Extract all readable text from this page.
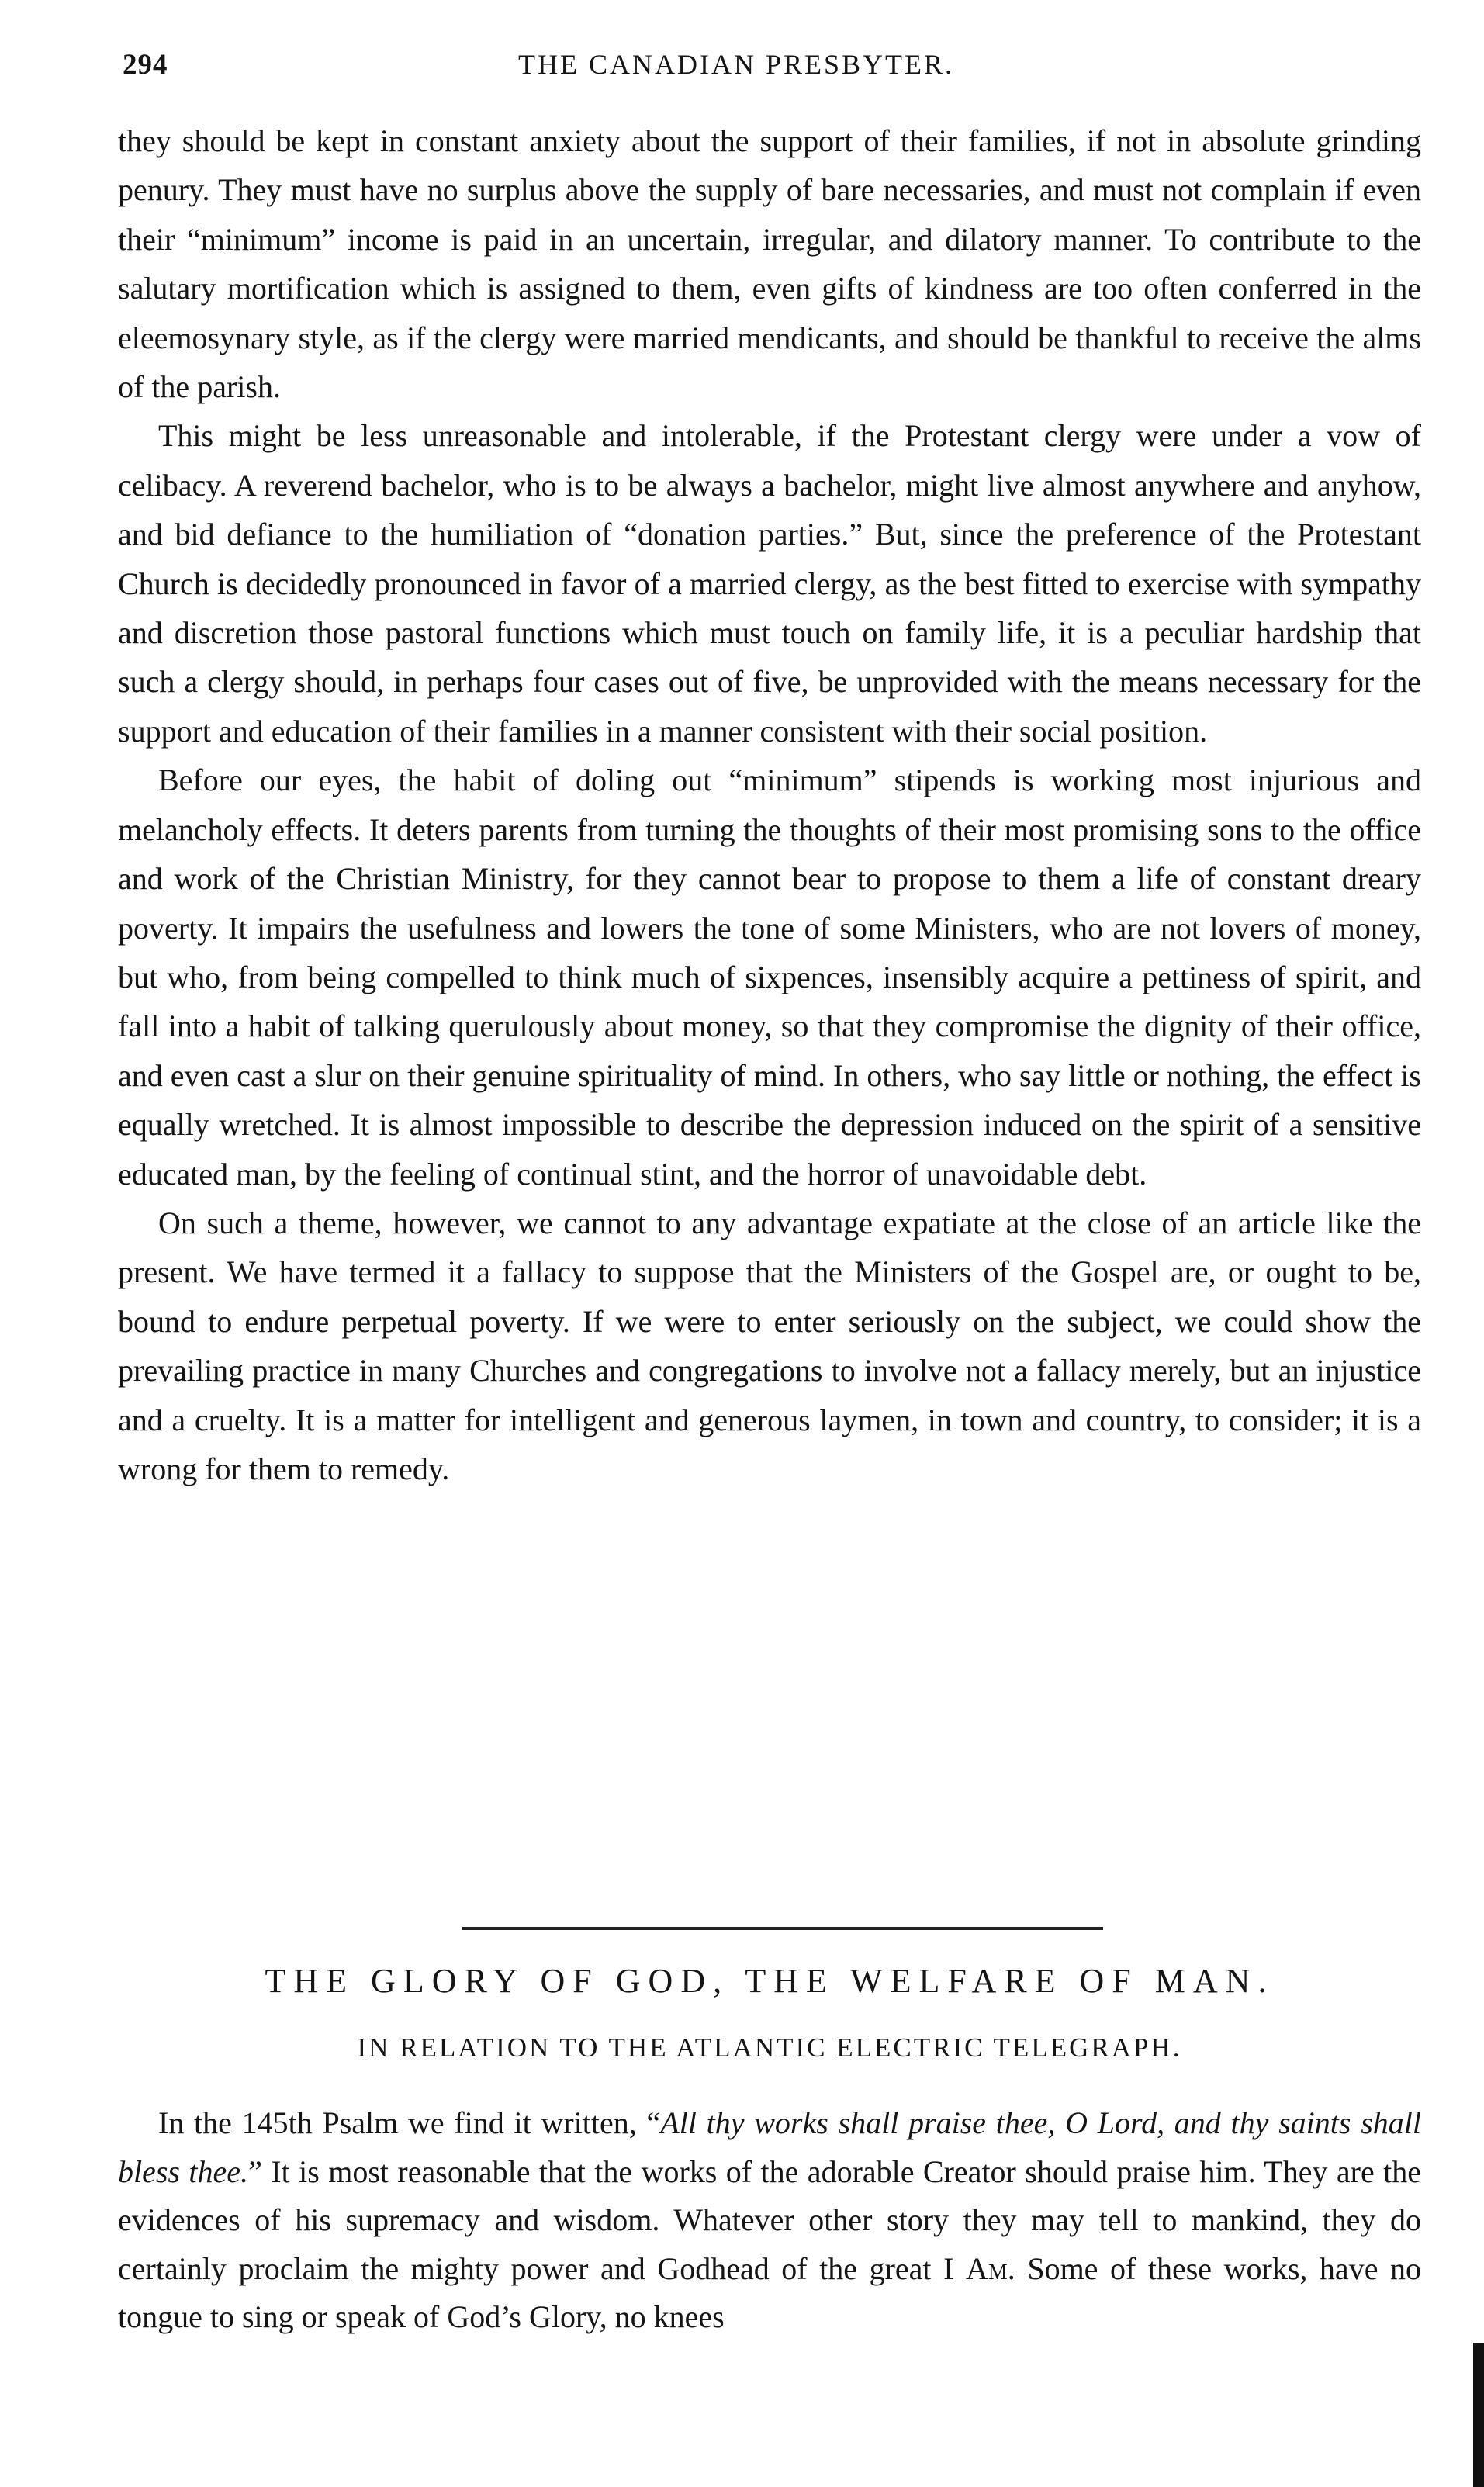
294	THE CANADIAN PRESBYTER.

they should be kept in constant anxiety about the support of their families, if not in absolute grinding penury. They must have no surplus above the supply of bare necessaries, and must not complain if even their “minimum” income is paid in an uncertain, irregular, and dilatory manner. To contribute to the salutary mortification which is assigned to them, even gifts of kindness are too often conferred in the eleemosynary style, as if the clergy were married mendicants, and should be thankful to receive the alms of the parish.

This might be less unreasonable and intolerable, if the Protestant clergy were under a vow of celibacy. A reverend bachelor, who is to be always a bachelor, might live almost anywhere and anyhow, and bid defiance to the humiliation of “donation parties.” But, since the preference of the Protestant Church is decidedly pronounced in favor of a married clergy, as the best fitted to exercise with sympathy and discretion those pastoral functions which must touch on family life, it is a peculiar hardship that such a clergy should, in perhaps four cases out of five, be unprovided with the means necessary for the support and education of their families in a manner consistent with their social position.

Before our eyes, the habit of doling out “minimum” stipends is working most injurious and melancholy effects. It deters parents from turning the thoughts of their most promising sons to the office and work of the Christian Ministry, for they cannot bear to propose to them a life of constant dreary poverty. It impairs the usefulness and lowers the tone of some Ministers, who are not lovers of money, but who, from being compelled to think much of sixpences, insensibly acquire a pettiness of spirit, and fall into a habit of talking querulously about money, so that they compromise the dignity of their office, and even cast a slur on their genuine spirituality of mind. In others, who say little or nothing, the effect is equally wretched. It is almost impossible to describe the depression induced on the spirit of a sensitive educated man, by the feeling of continual stint, and the horror of unavoidable debt.

On such a theme, however, we cannot to any advantage expatiate at the close of an article like the present. We have termed it a fallacy to suppose that the Ministers of the Gospel are, or ought to be, bound to endure perpetual poverty. If we were to enter seriously on the subject, we could show the prevailing practice in many Churches and congregations to involve not a fallacy merely, but an injustice and a cruelty. It is a matter for intelligent and generous laymen, in town and country, to consider; it is a wrong for them to remedy.

THE GLORY OF GOD, THE WELFARE OF MAN.
IN RELATION TO THE ATLANTIC ELECTRIC TELEGRAPH.

In the 145th Psalm we find it written, “All thy works shall praise thee, O Lord, and thy saints shall bless thee.” It is most reasonable that the works of the adorable Creator should praise him. They are the evidences of his supremacy and wisdom. Whatever other story they may tell to mankind, they do certainly proclaim the mighty power and Godhead of the great I Am. Some of these works, have no tongue to sing or speak of God’s Glory, no knees
